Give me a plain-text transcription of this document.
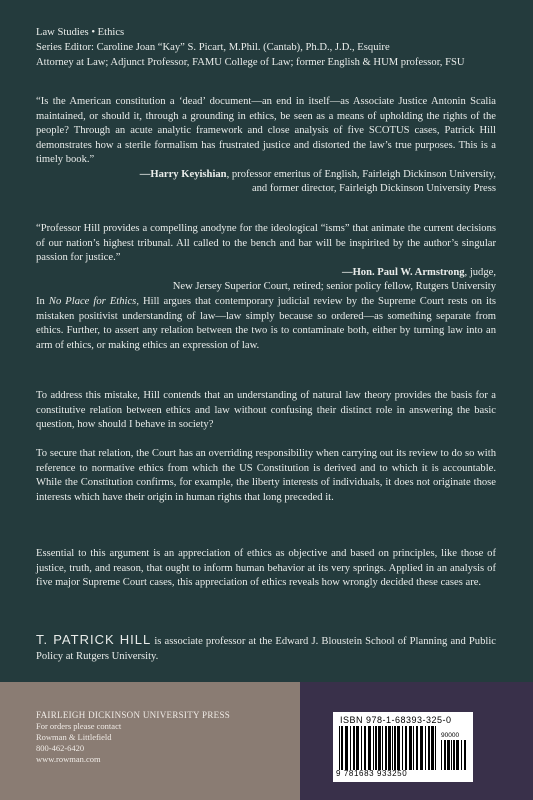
Law Studies • Ethics
Series Editor: Caroline Joan “Kay” S. Picart, M.Phil. (Cantab), Ph.D., J.D., Esquire
Attorney at Law; Adjunct Professor, FAMU College of Law; former English & HUM professor, FSU
“Is the American constitution a ‘dead’ document—an end in itself—as Associate Justice Antonin Scalia maintained, or should it, through a grounding in ethics, be seen as a means of upholding the rights of the people? Through an acute analytic framework and close analysis of five SCOTUS cases, Patrick Hill demonstrates how a sterile formalism has frustrated justice and distorted the law’s true purposes. This is a timely book.”
—Harry Keyishian, professor emeritus of English, Fairleigh Dickinson University,
and former director, Fairleigh Dickinson University Press
“Professor Hill provides a compelling anodyne for the ideological “isms” that animate the current decisions of our nation’s highest tribunal. All called to the bench and bar will be inspirited by the author’s singular passion for justice.”
—Hon. Paul W. Armstrong, judge,
New Jersey Superior Court, retired; senior policy fellow, Rutgers University
In No Place for Ethics, Hill argues that contemporary judicial review by the Supreme Court rests on its mistaken positivist understanding of law—law simply because so ordered—as something separate from ethics. Further, to assert any relation between the two is to contaminate both, either by turning law into an arm of ethics, or making ethics an expression of law.
To address this mistake, Hill contends that an understanding of natural law theory provides the basis for a constitutive relation between ethics and law without confusing their distinct role in answering the basic question, how should I behave in society?
To secure that relation, the Court has an overriding responsibility when carrying out its review to do so with reference to normative ethics from which the US Constitution is derived and to which it is accountable. While the Constitution confirms, for example, the liberty interests of individuals, it does not originate those interests which have their origin in human rights that long preceded it.
Essential to this argument is an appreciation of ethics as objective and based on principles, like those of justice, truth, and reason, that ought to inform human behavior at its very springs. Applied in an analysis of five major Supreme Court cases, this appreciation of ethics reveals how wrongly decided these cases are.
T. PATRICK HILL is associate professor at the Edward J. Bloustein School of Planning and Public Policy at Rutgers University.
FAIRLEIGH DICKINSON UNIVERSITY PRESS
For orders please contact
Rowman & Littlefield
800-462-6420
www.rowman.com
ISBN 978-1-68393-325-0
90000
9 781683 933250
